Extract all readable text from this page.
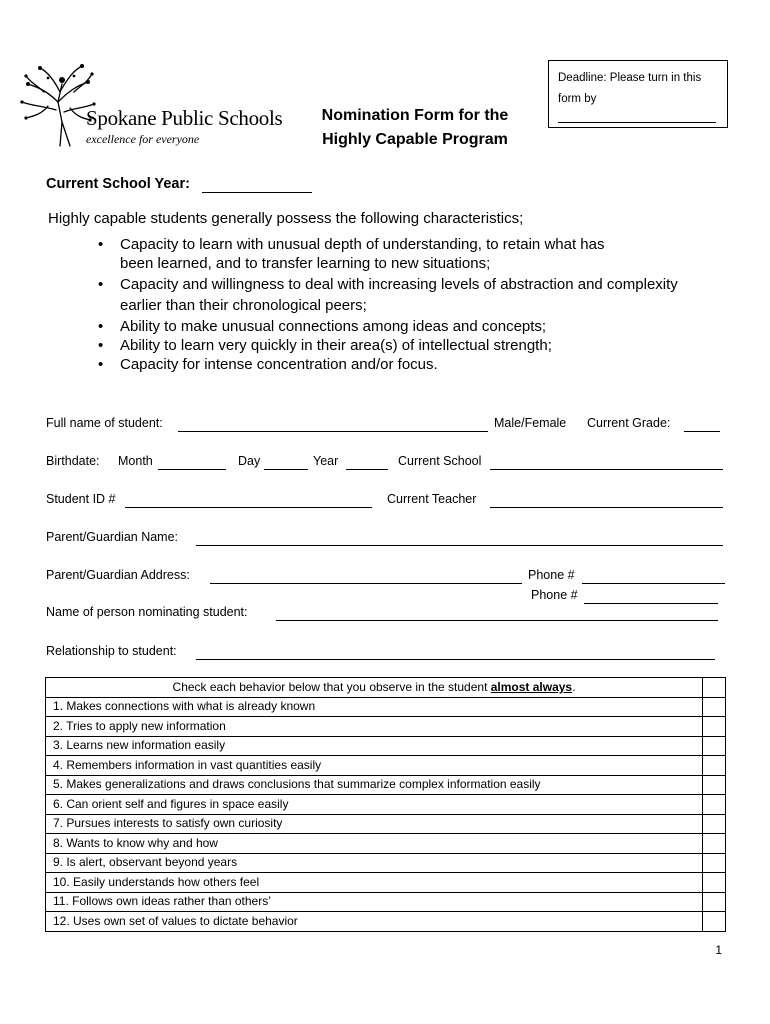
Spokane Public Schools
excellence for everyone
Nomination Form for the
Highly Capable Program
Deadline: Please turn in this
form by
Current School Year:
Highly capable students generally possess the following characteristics;
• Capacity to learn with unusual depth of understanding, to retain what has
been learned, and to transfer learning to new situations;
• Capacity and willingness to deal with increasing levels of abstraction and complexity
earlier than their chronological peers;
• Ability to make unusual connections among ideas and concepts;
• Ability to learn very quickly in their area(s) of intellectual strength;
• Capacity for intense concentration and/or focus.
Full name of student:	Male/Female Current Grade:
Birthdate: Month	Day	Year	Current School
Student ID #	Current Teacher
Parent/Guardian Name:
Parent/Guardian Address:	Phone #
Phone #
Name of person nominating student:
Relationship to student:
Check each behavior below that you observe in the student almost always.	
1. Makes connections with what is already known	
2. Tries to apply new information	
3. Learns new information easily	
4. Remembers information in vast quantities easily	
5. Makes generalizations and draws conclusions that summarize complex information easily	
6. Can orient self and figures in space easily	
7. Pursues interests to satisfy own curiosity	
8. Wants to know why and how	
9. Is alert, observant beyond years	
10. Easily understands how others feel	
11. Follows own ideas rather than others’	
12. Uses own set of values to dictate behavior	
1
